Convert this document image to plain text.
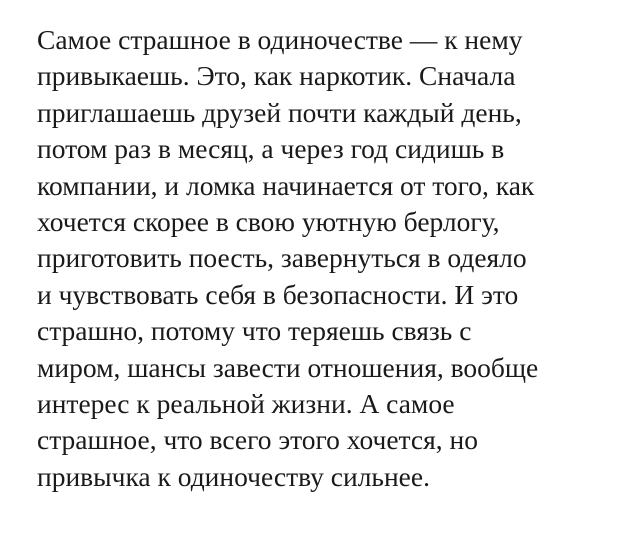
Самое страшное в одиночестве — к нему
привыкаешь. Это, как наркотик. Сначала
приглашаешь друзей почти каждый день,
потом раз в месяц, а через год сидишь в
компании, и ломка начинается от того, как
хочется скорее в свою уютную берлогу,
приготовить поесть, завернуться в одеяло
и чувствовать себя в безопасности. И это
страшно, потому что теряешь связь с
миром, шансы завести отношения, вообще
интерес к реальной жизни. А самое
страшное, что всего этого хочется, но
привычка к одиночеству сильнее.
